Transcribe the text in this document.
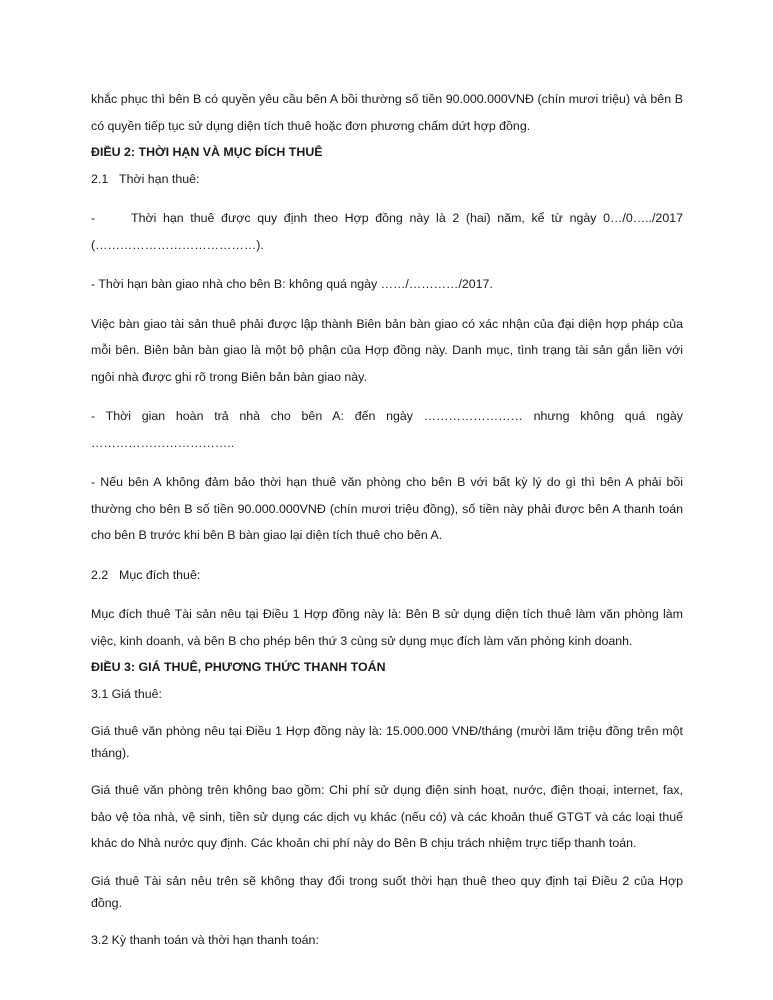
khắc phục thì bên B có quyền yêu cầu bên A bồi thường số tiền 90.000.000VNĐ (chín mươi triệu) và bên B có quyền tiếp tục sử dụng diện tích thuê hoặc đơn phương chấm dứt hợp đồng.

ĐIỀU 2: THỜI HẠN VÀ MỤC ĐÍCH THUÊ

2.1 Thời hạn thuê:

-	Thời hạn thuê được quy định theo Hợp đồng này là 2 (hai) năm, kể từ ngày 0…/0…../2017 (…………………………………).

- Thời hạn bàn giao nhà cho bên B: không quá ngày ……/…………/2017.

Việc bàn giao tài sản thuê phải được lập thành Biên bản bàn giao có xác nhận của đại diện hợp pháp của mỗi bên. Biên bản bàn giao là một bộ phận của Hợp đồng này. Danh mục, tình trạng tài sản gắn liền với ngôi nhà được ghi rõ trong Biên bản bàn giao này.

- Thời gian hoàn trả nhà cho bên A: đến ngày …………………… nhưng không quá ngày ……………………………..

- Nếu bên A không đảm bảo thời hạn thuê văn phòng cho bên B với bất kỳ lý do gì thì bên A phải bồi thường cho bên B số tiền 90.000.000VNĐ (chín mươi triệu đồng), số tiền này phải được bên A thanh toán cho bên B trước khi bên B bàn giao lại diện tích thuê cho bên A.

2.2 Mục đích thuê:

Mục đích thuê Tài sản nêu tại Điều 1 Hợp đồng này là: Bên B sử dụng diện tích thuê làm văn phòng làm việc, kinh doanh, và bên B cho phép bên thứ 3 cùng sử dụng mục đích làm văn phòng kinh doanh.

ĐIỀU 3: GIÁ THUÊ, PHƯƠNG THỨC THANH TOÁN

3.1 Giá thuê:

Giá thuê văn phòng nêu tại Điều 1 Hợp đồng này là: 15.000.000 VNĐ/tháng (mười lăm triệu đồng trên một tháng).

Giá thuê văn phòng trên không bao gồm: Chi phí sử dụng điện sinh hoạt, nước, điện thoại, internet, fax, bảo vệ tòa nhà, vệ sinh, tiền sử dụng các dịch vụ khác (nếu có) và các khoản thuế GTGT và các loại thuế khác do Nhà nước quy định. Các khoản chi phí này do Bên B chịu trách nhiệm trực tiếp thanh toán.

Giá thuê Tài sản nêu trên sẽ không thay đổi trong suốt thời hạn thuê theo quy định tại Điều 2 của Hợp đồng.

3.2 Kỳ thanh toán và thời hạn thanh toán:
